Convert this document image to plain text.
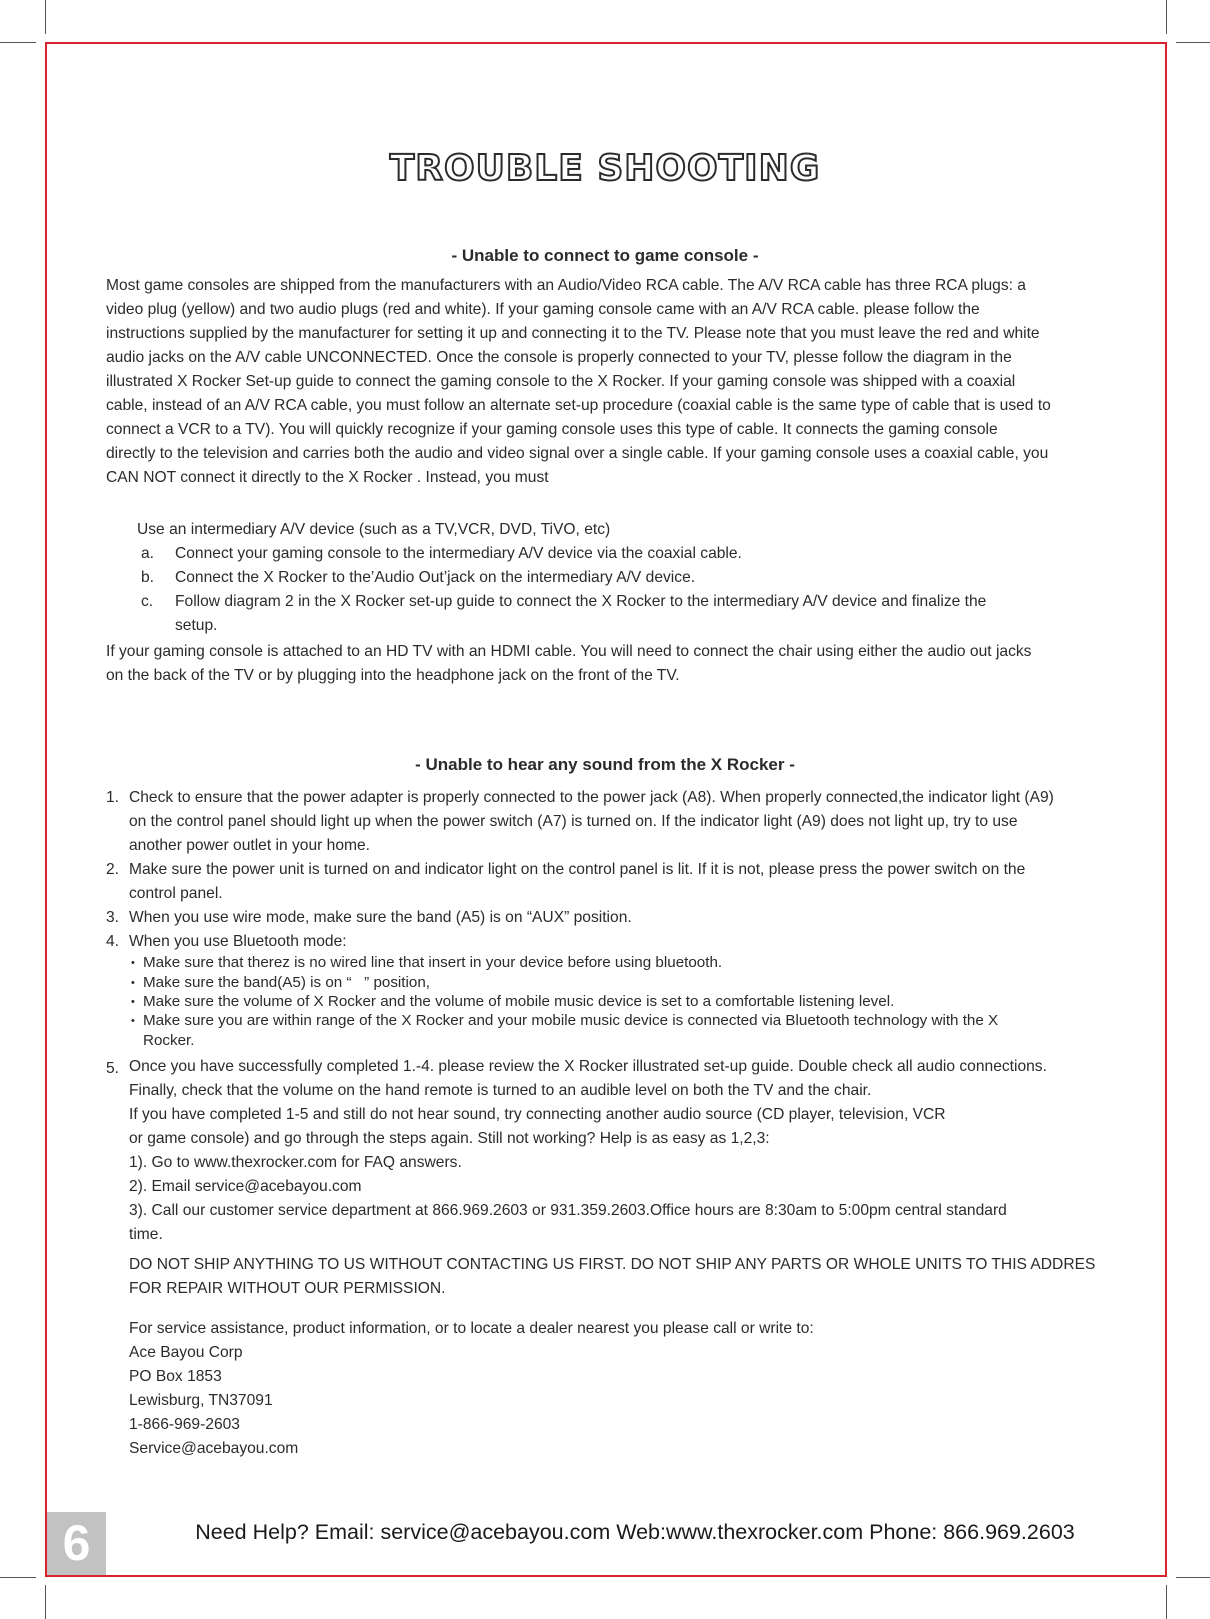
TROUBLE SHOOTING
- Unable to connect to game console -

Most game consoles are shipped from the manufacturers with an Audio/Video RCA cable. The A/V RCA cable has three RCA plugs: a video plug (yellow) and two audio plugs (red and white). If your gaming console came with an A/V RCA cable. please follow the instructions supplied by the manufacturer for setting it up and connecting it to the TV. Please note that you must leave the red and white audio jacks on the A/V cable UNCONNECTED. Once the console is properly connected to your TV, plesse follow the diagram in the illustrated X Rocker Set-up guide to connect the gaming console to the X Rocker. If your gaming console was shipped with a coaxial cable, instead of an A/V RCA cable, you must follow an alternate set-up procedure (coaxial cable is the same type of cable that is used to connect a VCR to a TV). You will quickly recognize if your gaming console uses this type of cable. It connects the gaming console directly to the television and carries both the audio and video signal over a single cable. If your gaming console uses a coaxial cable, you CAN NOT connect it directly to the X Rocker . Instead, you must

Use an intermediary A/V device (such as a TV,VCR, DVD, TiVO, etc)
a. Connect your gaming console to the intermediary A/V device via the coaxial cable.
b. Connect the X Rocker to the’Audio Out’jack on the intermediary A/V device.
c. Follow diagram 2 in the X Rocker set-up guide to connect the X Rocker to the intermediary A/V device and finalize the setup.

If your gaming console is attached to an HD TV with an HDMI cable. You will need to connect the chair using either the audio out jacks on the back of the TV or by plugging into the headphone jack on the front of the TV.

- Unable to hear any sound from the X Rocker -
1. Check to ensure that the power adapter is properly connected to the power jack (A8). When properly connected,the indicator light (A9) on the control panel should light up when the power switch (A7) is turned on. If the indicator light (A9) does not light up, try to use another power outlet in your home.

2. Make sure the power unit is turned on and indicator light on the control panel is lit. If it is not, please press the power switch on the control panel.

3. When you use wire mode, make sure the band (A5) is on “AUX” position.
4. When you use Bluetooth mode:
• Make sure that therez is no wired line that insert in your device before using bluetooth.
• Make sure the band(A5) is on “   ” position,
• Make sure the volume of X Rocker and the volume of mobile music device is set to a comfortable listening level.
• Make sure you are within range of the X Rocker and your mobile music device is connected via Bluetooth technology with the X Rocker.

5. Once you have successfully completed 1.-4. please review the X Rocker illustrated set-up guide. Double check all audio connections. Finally, check that the volume on the hand remote is turned to an audible level on both the TV and the chair.

If you have completed 1-5 and still do not hear sound, try connecting another audio source (CD player, television, VCR or game console) and go through the steps again. Still not working? Help is as easy as 1,2,3:

1). Go to www.thexrocker.com for FAQ answers.
2). Email service@acebayou.com

3). Call our customer service department at 866.969.2603 or 931.359.2603.Office hours are 8:30am to 5:00pm central standard time.

DO NOT SHIP ANYTHING TO US WITHOUT CONTACTING US FIRST. DO NOT SHIP ANY PARTS OR WHOLE UNITS TO THIS ADDRES FOR REPAIR WITHOUT OUR PERMISSION.

For service assistance, product information, or to locate a dealer nearest you please call or write to:
Ace Bayou Corp
PO Box 1853
Lewisburg, TN37091
1-866-969-2603
Service@acebayou.com
6	Need Help? Email: service@acebayou.com Web:www.thexrocker.com Phone: 866.969.2603
